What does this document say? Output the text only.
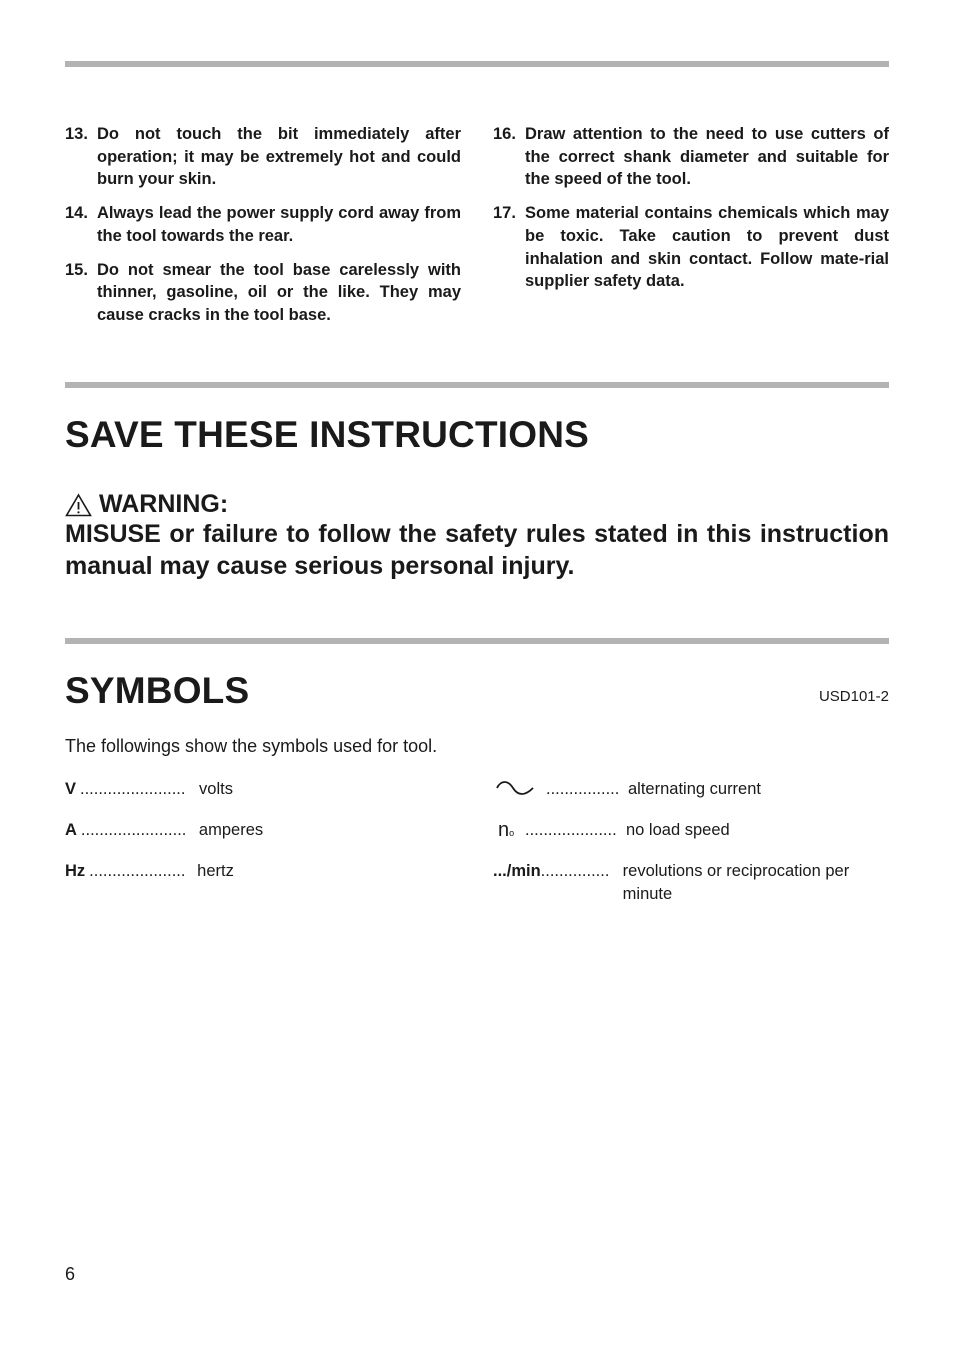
13. Do not touch the bit immediately after operation; it may be extremely hot and could burn your skin.
14. Always lead the power supply cord away from the tool towards the rear.
15. Do not smear the tool base carelessly with thinner, gasoline, oil or the like. They may cause cracks in the tool base.
16. Draw attention to the need to use cutters of the correct shank diameter and suitable for the speed of the tool.
17. Some material contains chemicals which may be toxic. Take caution to prevent dust inhalation and skin contact. Follow mate-rial supplier safety data.
SAVE THESE INSTRUCTIONS
WARNING:
MISUSE or failure to follow the safety rules stated in this instruction manual may cause serious personal injury.
SYMBOLS	USD101-2
The followings show the symbols used for tool.
V ....................... volts
A ....................... amperes
Hz ..................... hertz
................ alternating current
no .................... no load speed
.../min ............... revolutions or reciprocation per
minute
6
